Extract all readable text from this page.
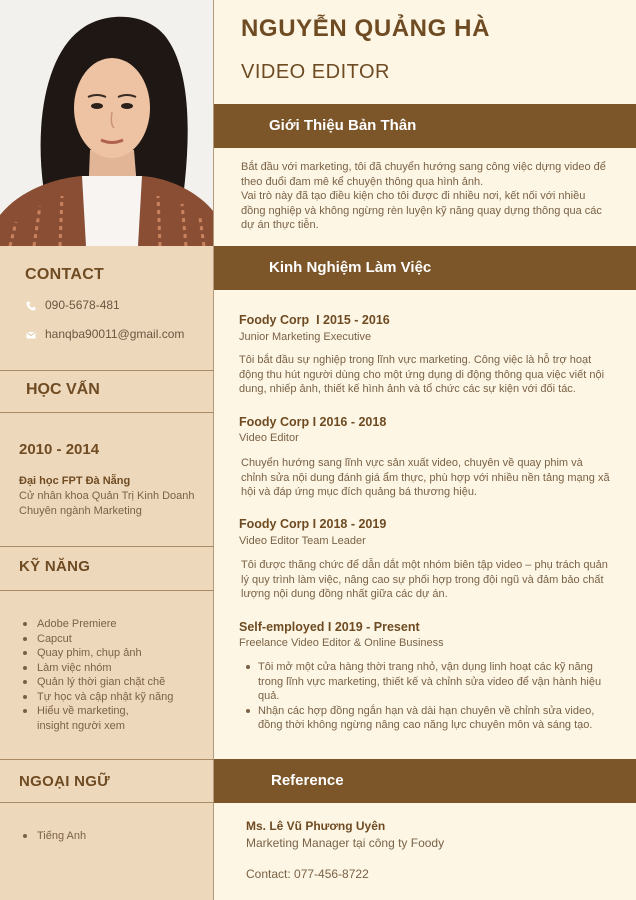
CONTACT
090-5678-481
hanqba90011@gmail.com
HỌC VẤN
2010 - 2014
Đại học FPT Đà Nẵng
Cử nhân khoa Quản Trị Kinh Doanh
Chuyên ngành Marketing
KỸ NĂNG
Adobe Premiere
Capcut
Quay phim, chụp ảnh
Làm việc nhóm
Quản lý thời gian chặt chẽ
Tự học và cập nhật kỹ năng
Hiểu về marketing,
insight người xem
NGOẠI NGỮ
Tiếng Anh
NGUYỄN QUẢNG HÀ
VIDEO EDITOR
Giới Thiệu Bản Thân
Bắt đầu với marketing, tôi đã chuyển hướng sang công việc dựng video để theo đuổi đam mê kể chuyện thông qua hình ảnh.
Vai trò này đã tạo điều kiện cho tôi được đi nhiều nơi, kết nối với nhiều đồng nghiệp và không ngừng rèn luyện kỹ năng quay dựng thông qua các dự án thực tiễn.
Kinh Nghiệm Làm Việc
Foody Corp  I 2015 - 2016
Junior Marketing Executive
Tôi bắt đầu sự nghiệp trong lĩnh vực marketing. Công việc là hỗ trợ hoạt động thu hút người dùng cho một ứng dụng di động thông qua việc viết nội dung, nhiếp ảnh, thiết kế hình ảnh và tổ chức các sự kiện với đối tác.
Foody Corp I 2016 - 2018
Video Editor
Chuyển hướng sang lĩnh vực sản xuất video, chuyên về quay phim và chỉnh sửa nội dung đánh giá ẩm thực, phù hợp với nhiều nền tảng mạng xã hội và đáp ứng mục đích quảng bá thương hiệu.
Foody Corp I 2018 - 2019
Video Editor Team Leader
Tôi được thăng chức để dẫn dắt một nhóm biên tập video – phụ trách quản lý quy trình làm việc, nâng cao sự phối hợp trong đội ngũ và đảm bảo chất lượng nội dung đồng nhất giữa các dự án.
Self-employed I 2019 - Present
Freelance Video Editor & Online Business
Tôi mở một cửa hàng thời trang nhỏ, vận dụng linh hoạt các kỹ năng trong lĩnh vực marketing, thiết kế và chỉnh sửa video để vận hành hiệu quả.
Nhận các hợp đồng ngắn hạn và dài hạn chuyên về chỉnh sửa video, đồng thời không ngừng nâng cao năng lực chuyên môn và sáng tạo.
Reference
Ms. Lê Vũ Phương Uyên
Marketing Manager tại công ty Foody
Contact: 077-456-8722
